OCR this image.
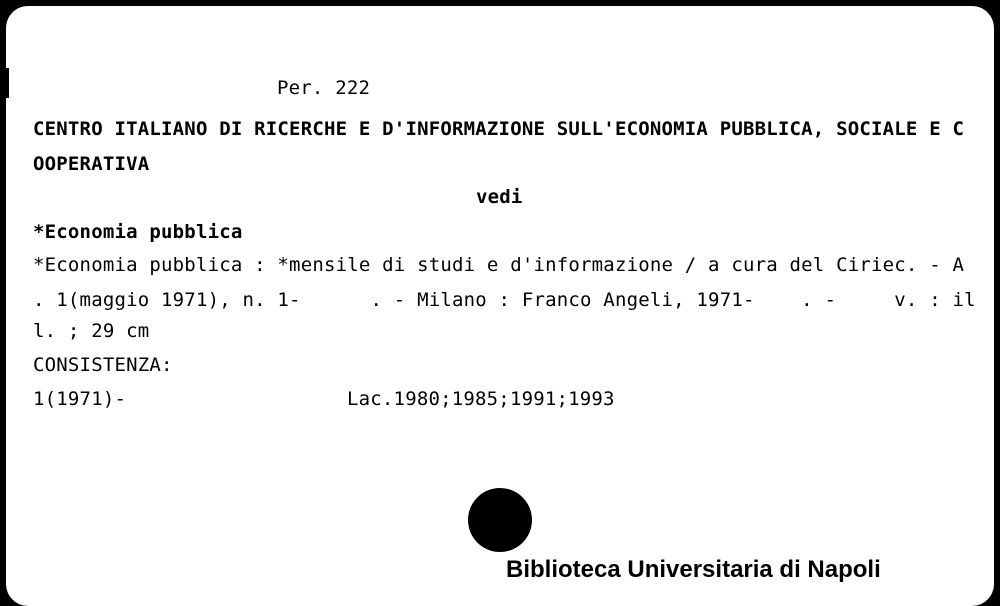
Per. 222
CENTRO ITALIANO DI RICERCHE E D'INFORMAZIONE SULL'ECONOMIA PUBBLICA, SOCIALE E C
OOPERATIVA
vedi
*Economia pubblica
*Economia pubblica : *mensile di studi e d'informazione / a cura del Ciriec. - A
. 1(maggio 1971), n. 1-      . - Milano : Franco Angeli, 1971-    . -     v. : il
l. ; 29 cm
CONSISTENZA:
1(1971)-	Lac.1980;1985;1991;1993
Biblioteca Universitaria di Napoli
